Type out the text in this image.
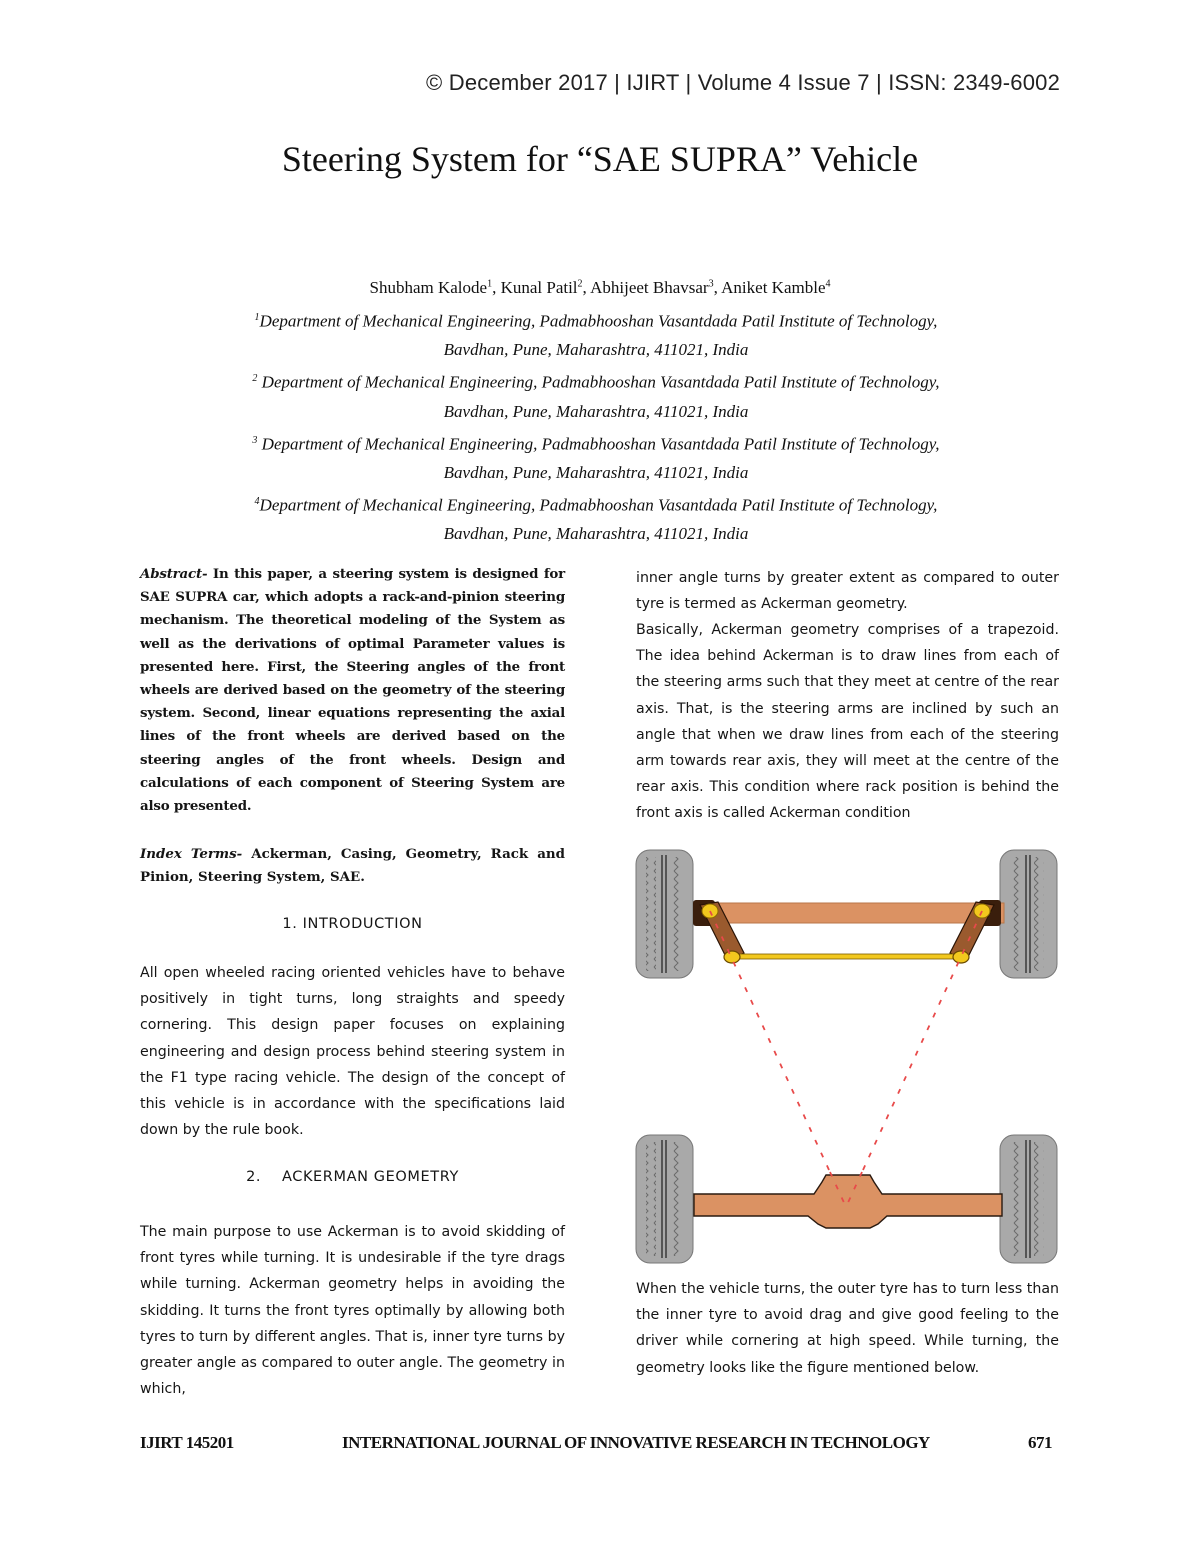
© December 2017 | IJIRT | Volume 4 Issue 7 | ISSN: 2349-6002
Steering System for “SAE SUPRA” Vehicle
Shubham Kalode$^1$, Kunal Patil$^2$, Abhijeet Bhavsar$^3$, Aniket Kamble$^4$
$^1$Department of Mechanical Engineering, Padmabhooshan Vasantdada Patil Institute of Technology,
Bavdhan, Pune, Maharashtra, 411021, India
$^2$ Department of Mechanical Engineering, Padmabhooshan Vasantdada Patil Institute of Technology,
Bavdhan, Pune, Maharashtra, 411021, India
$^3$ Department of Mechanical Engineering, Padmabhooshan Vasantdada Patil Institute of Technology,
Bavdhan, Pune, Maharashtra, 411021, India
$^4$Department of Mechanical Engineering, Padmabhooshan Vasantdada Patil Institute of Technology,
Bavdhan, Pune, Maharashtra, 411021, India
Abstract- In this paper, a steering system is designed for SAE SUPRA car, which adopts a rack-and-pinion steering mechanism. The theoretical modeling of the System as well as the derivations of optimal Parameter values is presented here. First, the Steering angles of the front wheels are derived based on the geometry of the steering system. Second, linear equations representing the axial lines of the front wheels are derived based on the steering angles of the front wheels. Design and calculations of each component of Steering System are also presented.
Index Terms- Ackerman, Casing, Geometry, Rack and Pinion, Steering System, SAE.
1. INTRODUCTION
All open wheeled racing oriented vehicles have to behave positively in tight turns, long straights and speedy cornering. This design paper focuses on explaining engineering and design process behind steering system in the F1 type racing vehicle. The design of the concept of this vehicle is in accordance with the specifications laid down by the rule book.
2.    ACKERMAN GEOMETRY
The main purpose to use Ackerman is to avoid skidding of front tyres while turning. It is undesirable if the tyre drags while turning. Ackerman geometry helps in avoiding the skidding. It turns the front tyres optimally by allowing both tyres to turn by different angles. That is, inner tyre turns by greater angle as compared to outer angle. The geometry in which,
inner angle turns by greater extent as compared to outer tyre is termed as Ackerman geometry.
Basically, Ackerman geometry comprises of a trapezoid. The idea behind Ackerman is to draw lines from each of the steering arms such that they meet at centre of the rear axis. That, is the steering arms are inclined by such an angle that when we draw lines from each of the steering arm towards rear axis, they will meet at the centre of the rear axis. This condition where rack position is behind the front axis is called Ackerman condition
When the vehicle turns, the outer tyre has to turn less than the inner tyre to avoid drag and give good feeling to the driver while cornering at high speed. While turning, the geometry looks like the figure mentioned below.
IJIRT 145201	INTERNATIONAL JOURNAL OF INNOVATIVE RESEARCH IN TECHNOLOGY	671
